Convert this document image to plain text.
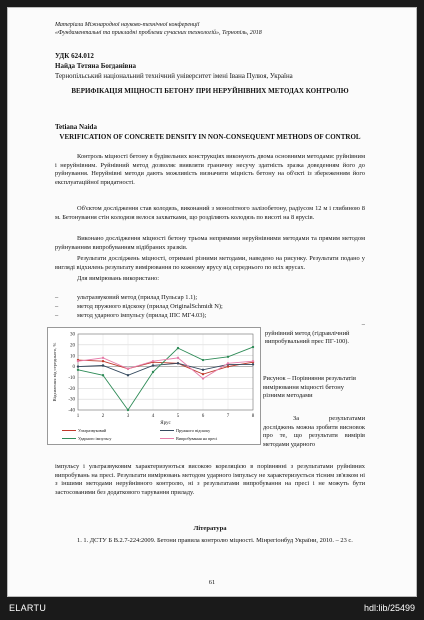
Матеріали Міжнародної науково-технічної конференції
«Фундаментальні та прикладні проблеми сучасних технологій», Тернопіль, 2018
УДК 624.012
Найда Тетяна Богданівна
Тернопільський національний технічний університет імені Івана Пулюя, Україна
ВЕРИФІКАЦІЯ МІЦНОСТІ БЕТОНУ ПРИ НЕРУЙНІВНИХ МЕТОДАХ КОНТРОЛЮ
Tetiana Naida
VERIFICATION OF CONCRETE DENSITY IN NON-CONSEQUENT METHODS OF CONTROL
Контроль міцності бетону в будівельних конструкціях виконують двома основними методами: руйнівним і неруйнівним. Руйнівний метод дозволяє виявляти граничну несучу здатність зразка доведенням його до руйнування. Неруйнівні методи дають можливість визначити міцність бетону на об'єкті із збереженням його експлуатаційної придатності.
Об'єктом дослідження став колодязь, виконаний з монолітного залізобетону, радіусом 12 м і глибиною 8 м. Бетонування стін колодязя велося захватками, що розділяють колодязь по висоті на 8 ярусів.
Виконано дослідження міцності бетону трьома непрямими неруйнівними методами та прямим методом руйнуванням випробуванням відібраних зразків.
Результати досліджень міцності, отримані різними методами, наведено на рисунку. Результати подано у вигляді відхилень результату вимірювання по кожному ярусу від середнього по всіх ярусах.
Для вимірювань використано:
–	ультразвуковий метод (прилад Пульсар 1.1);
–	метод пружного відскоку (прилад OriginalSchmidt N);
–	метод ударного імпульсу (прилад ІПС МГ4.03);
–
руйнівний метод (гідравлічний випробувальний прес ПГ-100).
30
20
10
0
-10
-20
-30
-40
1	2	3	4	5	6	7	8
Ярус
Відхилення від середнього, %
Ультразвуковий	Пружного відскоку
Ударного імпульсу	Випробування на пресі
Рисунок – Порівняння результатів вимірювання міцності бетону різними методами
За результатами досліджень можна зробити висновок про те, що результати вимірів методами ударного
імпульсу і ультразвуковим характеризуються високою кореляцією в порівнянні з результатами руйнівних випробувань на пресі. Результати вимірювань методом ударного імпульсу не характеризується тісним зв'язком ні з іншими методами неруйнівного контролю, ні з результатами випробування на пресі і не можуть бути застосованими без додаткового тарування приладу.
Література
1. 1. ДСТУ Б В.2.7-224:2009. Бетони правила контролю міцності. Мінрегіонбуд України, 2010. – 23 с.
61
ELARTU	hdl:lib/25499
